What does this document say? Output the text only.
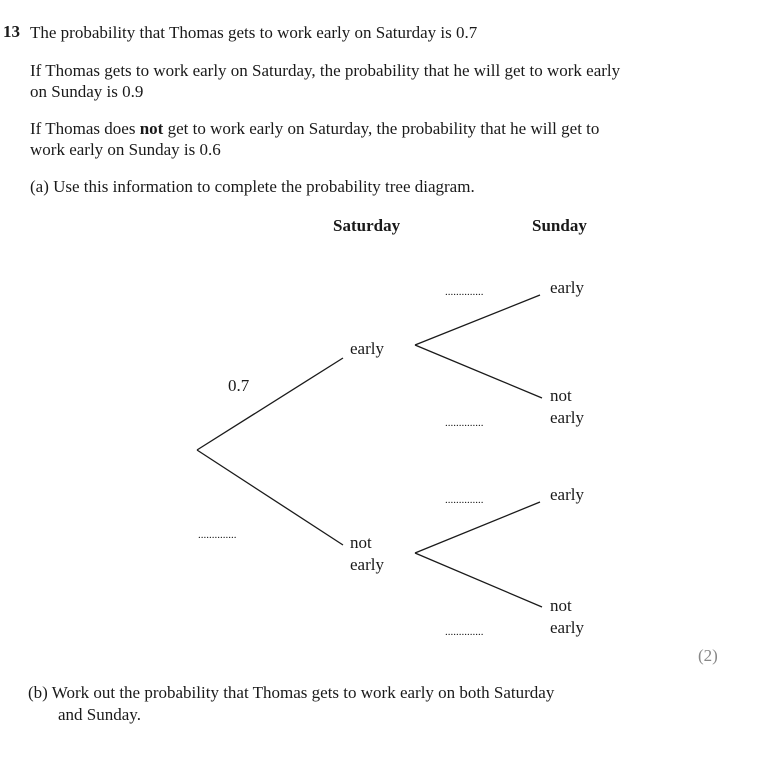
13 The probability that Thomas gets to work early on Saturday is 0.7
If Thomas gets to work early on Saturday, the probability that he will get to work early
on Sunday is 0.9
If Thomas does not get to work early on Saturday, the probability that he will get to
work early on Sunday is 0.6
(a) Use this information to complete the probability tree diagram.
Saturday	Sunday
0.7
early
..............	not
early
..............	early
not
early
..............
..............	early
not
early
..............
(2)
(b) Work out the probability that Thomas gets to work early on both Saturday
and Sunday.
